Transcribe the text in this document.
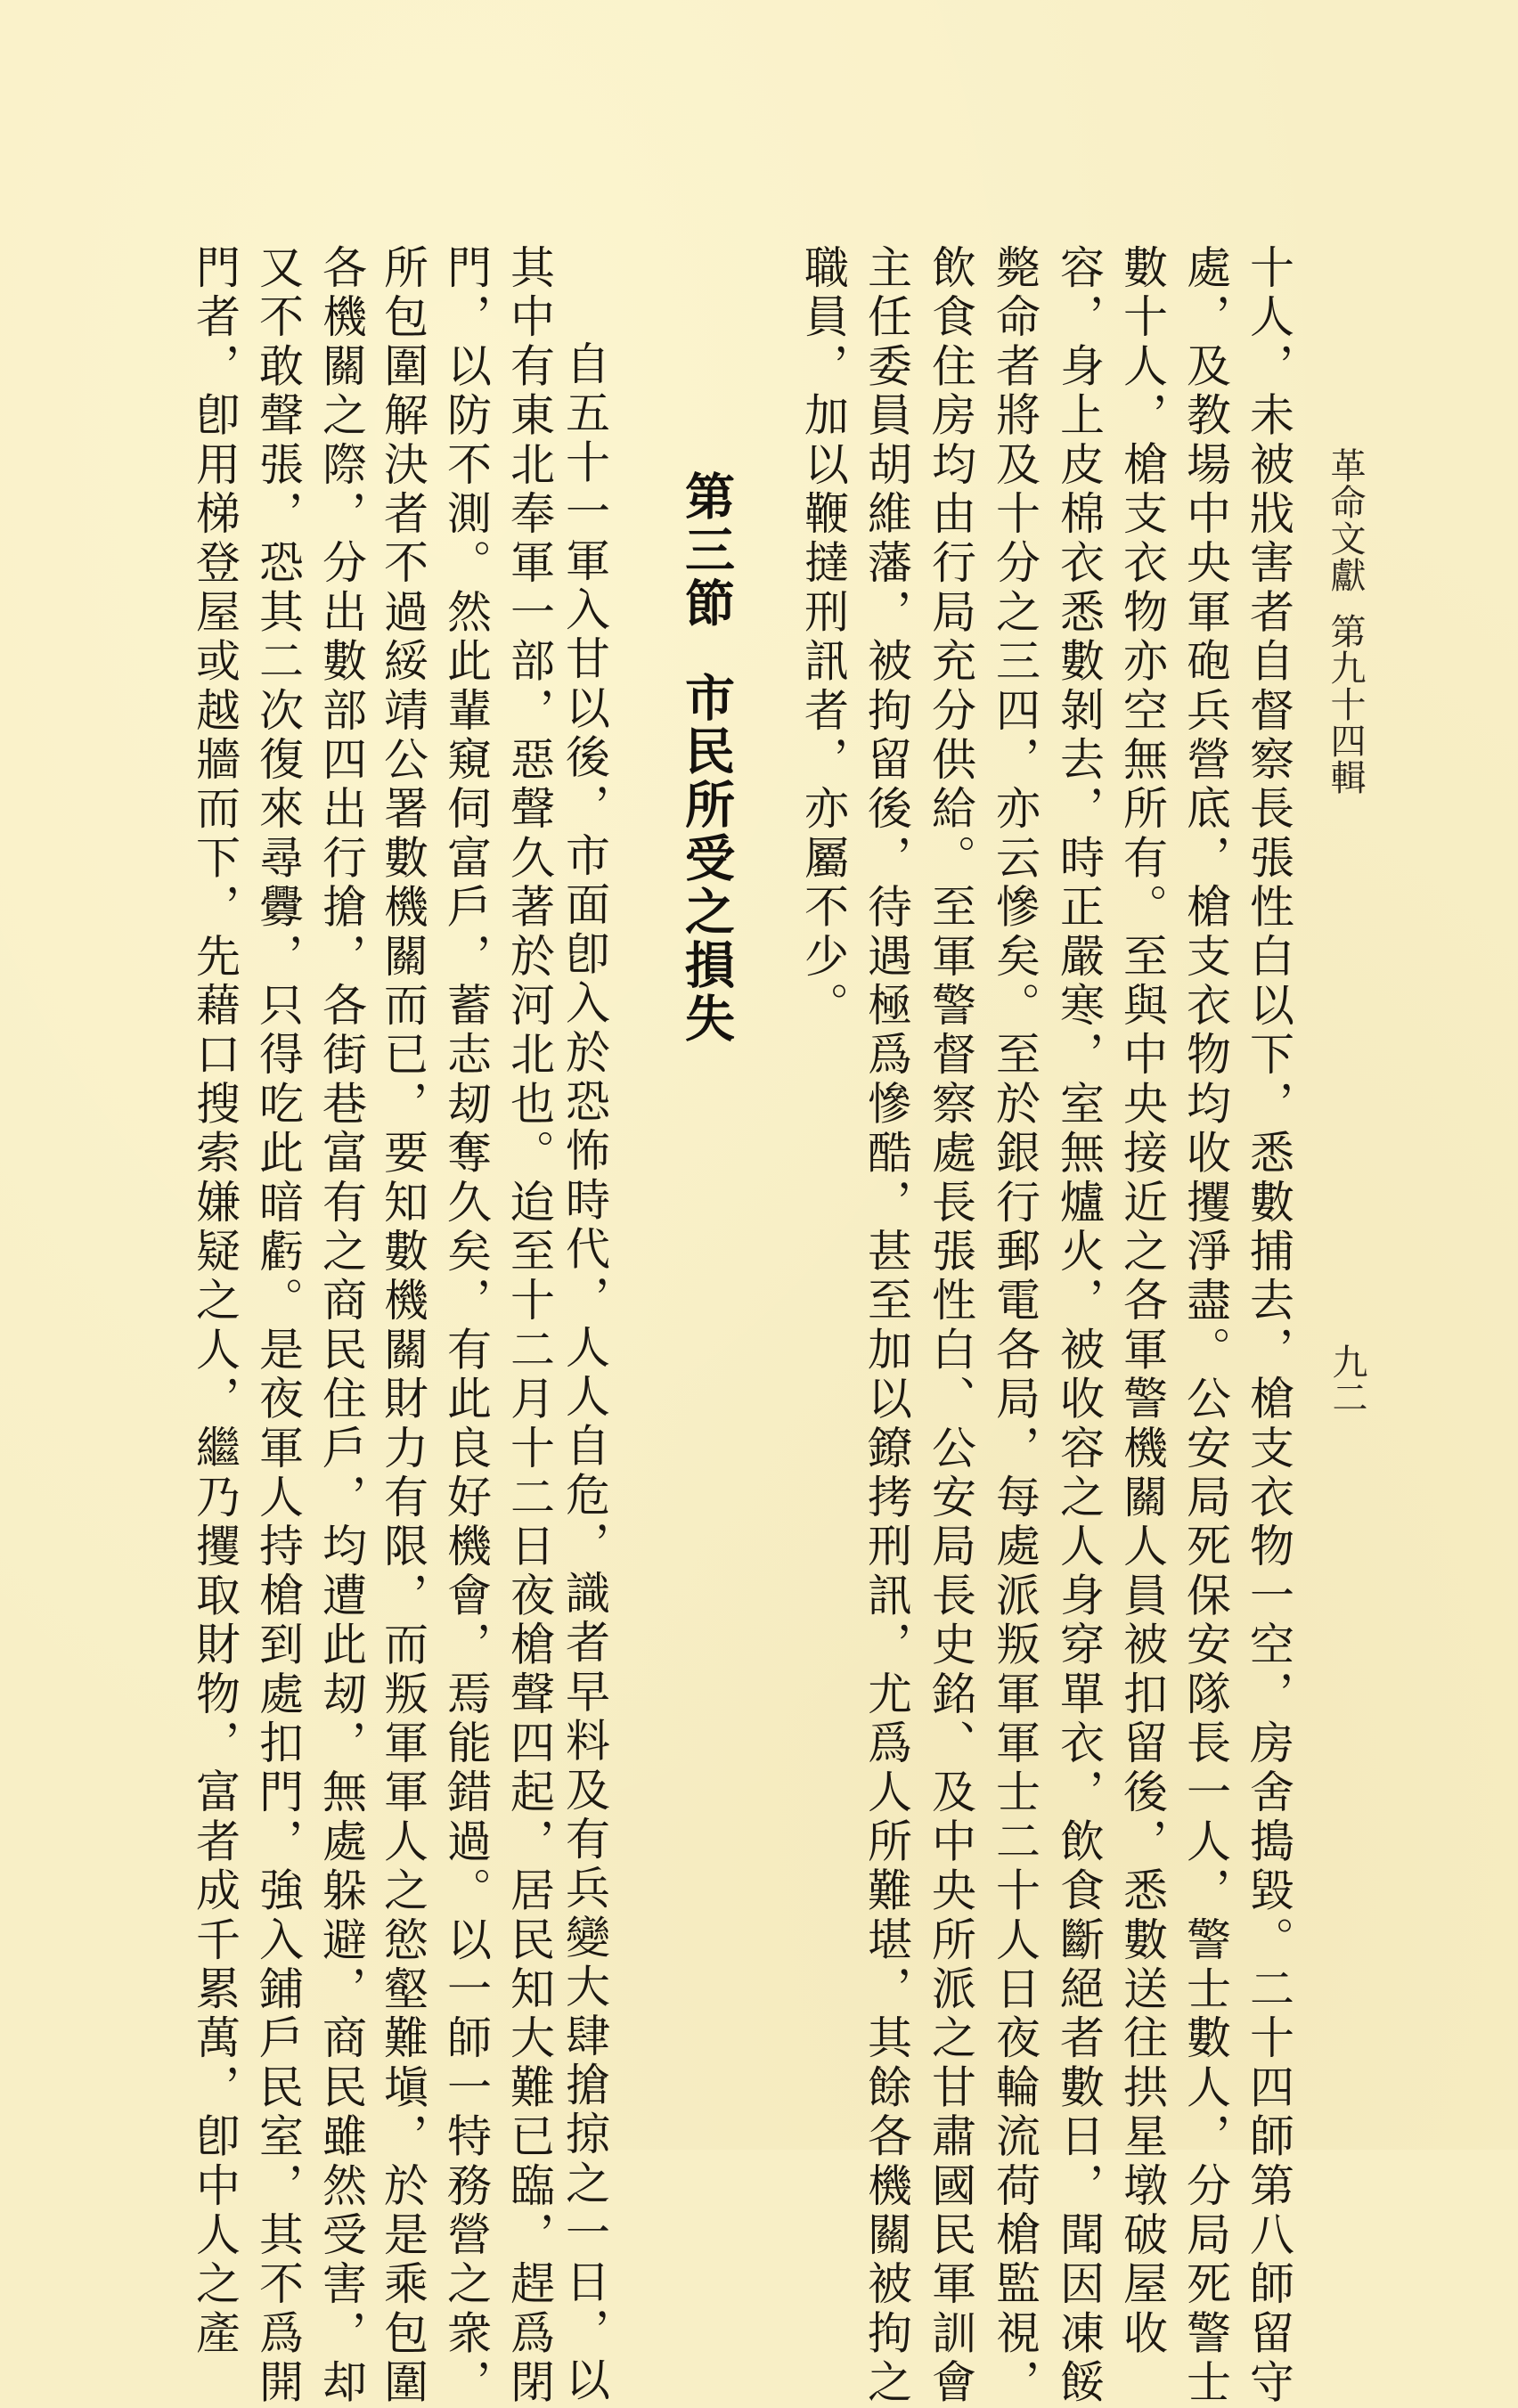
革命文獻第九十四輯
九二
十人，未被戕害者自督察長張性白以下，悉數捕去，槍支衣物一空，房舍搗毀。二十四師第八師留守
處，及教場中央軍砲兵營底，槍支衣物均收攫淨盡。公安局死保安隊長一人，警士數人，分局死警士
數十人，槍支衣物亦空無所有。至與中央接近之各軍警機關人員被扣留後，悉數送往拱星墩破屋收
容，身上皮棉衣悉數剝去，時正嚴寒，室無爐火，被收容之人身穿單衣，飲食斷絕者數日，聞因凍餒
斃命者將及十分之三四，亦云慘矣。至於銀行郵電各局，每處派叛軍軍士二十人日夜輪流荷槍監視，
飲食住房均由行局充分供給。至軍警督察處長張性白、公安局長史銘、及中央所派之甘肅國民軍訓會
主任委員胡維藩，被拘留後，待遇極爲慘酷，甚至加以鐐拷刑訊，尤爲人所難堪，其餘各機關被拘之
職員，加以鞭撻刑訊者，亦屬不少。
第三節市民所受之損失
自五十一軍入甘以後，市面卽入於恐怖時代，人人自危，識者早料及有兵變大肆搶掠之一日，以
其中有東北奉軍一部，惡聲久著於河北也。迨至十二月十二日夜槍聲四起，居民知大難已臨，趕爲閉
門，以防不測。然此輩窺伺富戶，蓄志刼奪久矣，有此良好機會，焉能錯過。以一師一特務營之衆，
所包圍解決者不過綏靖公署數機關而已，要知數機關財力有限，而叛軍軍人之慾壑難塡，於是乘包圍
各機關之際，分出數部四出行搶，各街巷富有之商民住戶，均遭此刼，無處躲避，商民雖然受害，却
又不敢聲張，恐其二次復來尋釁，只得吃此暗虧。是夜軍人持槍到處扣門，強入鋪戶民室，其不爲開
門者，卽用梯登屋或越牆而下，先藉口搜索嫌疑之人，繼乃攫取財物，富者成千累萬，卽中人之產
